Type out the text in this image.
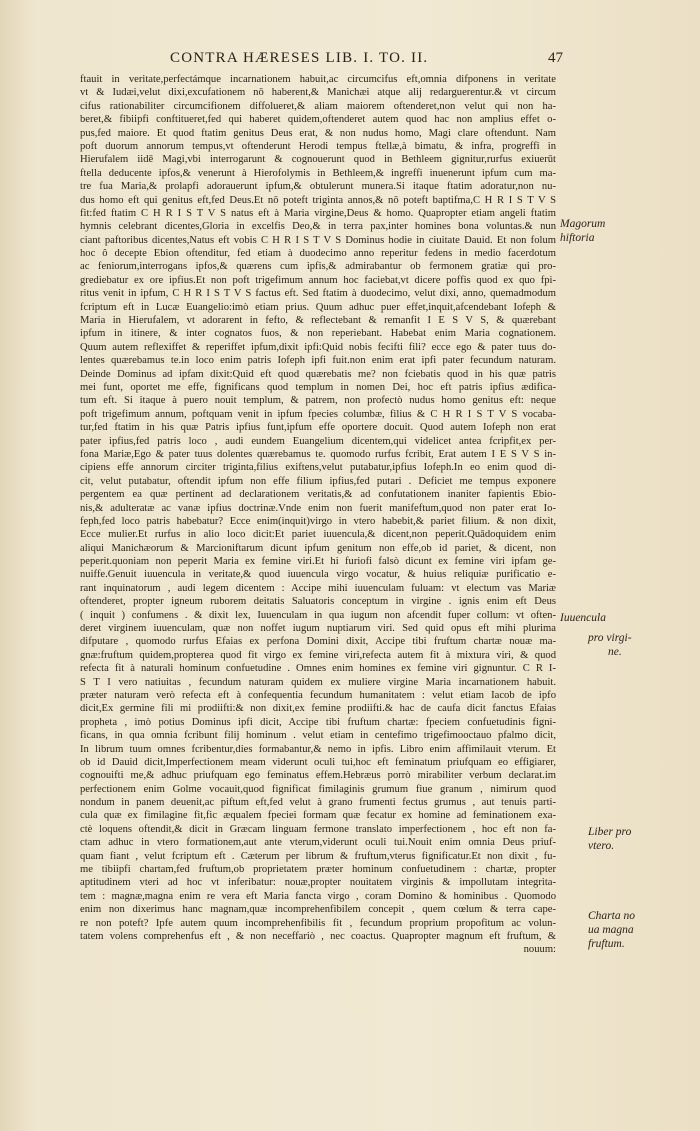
CONTRA HÆRESES LIB. I. TO. II.	47
ftauit in veritate,perfectámque incarnationem habuit,ac circumcifus eft,omnia difponens in veritate
vt & Iudæi,velut dixi,excufationem nō haberent,& Manichæi atque alij redarguerentur.& vt circum
cifus rationabiliter circumcifionem diffolueret,& aliam maiorem oftenderet,non velut qui non ha-
beret,& fibiipfi conftitueret,fed qui haberet quidem,oftenderet autem quod hac non amplius effet o-
pus,fed maiore. Et quod ftatim genitus Deus erat, & non nudus homo, Magi clare oftendunt. Nam
poft duorum annorum tempus,vt oftenderunt Herodi tempus ftellæ,à bimatu, & infra, progreffi in
Hierufalem iidē Magi,vbi interrogarunt & cognouerunt quod in Bethleem gignitur,rurfus exiuerūt
ftella deducente ipfos,& venerunt à Hierofolymis in Bethleem,& ingreffi inuenerunt ipfum cum ma-
tre fua Maria,& prolapfi adorauerunt ipfum,& obtulerunt munera.Si itaque ftatim adoratur,non nu-
dus homo eft qui genitus eft,fed Deus.Et nō poteft triginta annos,& nō poteft baptifma,C H R I S T V S
fit:fed ftatim C H R I S T V S natus eft à Maria virgine,Deus & homo. Quapropter etiam angeli ftatim
hymnis celebrant dicentes,Gloria in excelfis Deo,& in terra pax,inter homines bona voluntas.& nun
ciant paftoribus dicentes,Natus eft vobis C H R I S T V S Dominus hodie in ciuitate Dauid. Et non folum
hoc ô decepte Ebion oftenditur, fed etiam à duodecimo anno reperitur fedens in medio facerdotum
ac feniorum,interrogans ipfos,& quærens cum ipfis,& admirabantur ob fermonem gratiæ qui pro-
grediebatur ex ore ipfius.Et non poft trigefimum annum hoc faciebat,vt dicere poffis quod ex quo fpi-
ritus venit in ipfum, C H R I S T V S factus eft. Sed ftatim à duodecimo, velut dixi, anno, quemadmodum
fcriptum eft in Lucæ Euangelio:imò etiam prius. Quum adhuc puer effet,inquit,afcendebant Iofeph &
Maria in Hierufalem, vt adorarent in fefto, & reflectebant & remanfit I E S V S, & quærebant
ipfum in itinere, & inter cognatos fuos, & non reperiebant. Habebat enim Maria cognationem.
Quum autem reflexiffet & reperiffet ipfum,dixit ipfi:Quid nobis fecifti fili? ecce ego & pater tuus do-
lentes quærebamus te.in loco enim patris Iofeph ipfi fuit.non enim erat ipfi pater fecundum naturam.
Deinde Dominus ad ipfam dixit:Quid eft quod quærebatis me? non fciebatis quod in his quæ patris
mei funt, oportet me effe, fignificans quod templum in nomen Dei, hoc eft patris ipfius ædifica-
tum eft. Si itaque à puero nouit templum, & patrem, non profectò nudus homo genitus eft: neque
poft trigefimum annum, poftquam venit in ipfum fpecies columbæ, filius & C H R I S T V S vocaba-
tur,fed ftatim in his quæ Patris ipfius funt,ipfum effe oportere docuit. Quod autem Iofeph non erat
pater ipfius,fed patris loco , audi eundem Euangelium dicentem,qui videlicet antea fcripfit,ex per-
fona Mariæ,Ego & pater tuus dolentes quærebamus te. quomodo rurfus fcribit, Erat autem I E S V S in-
cipiens effe annorum circiter triginta,filius exiftens,velut putabatur,ipfius Iofeph.In eo enim quod di-
cit, velut putabatur, oftendit ipfum non effe filium ipfius,fed putari . Deficiet me tempus exponere
pergentem ea quæ pertinent ad declarationem veritatis,& ad confutationem inaniter fapientis Ebio-
nis,& adulteratæ ac vanæ ipfius doctrinæ.Vnde enim non fuerit manifeftum,quod non pater erat Io-
feph,fed loco patris habebatur? Ecce enim(inquit)virgo in vtero habebit,& pariet filium. & non dixit,
Ecce mulier.Et rurfus in alio loco dicit:Et pariet iuuencula,& dicent,non peperit.Quādoquidem enim
aliqui Manichæorum & Marcioniftarum dicunt ipfum genitum non effe,ob id pariet, & dicent, non
peperit.quoniam non peperit Maria ex femine viri.Et hi furiofi falsò dicunt ex femine viri ipfam ge-
nuiffe.Genuit iuuencula in veritate,& quod iuuencula virgo vocatur, & huius reliquiæ purificatio e-
rant inquinatorum , audi legem dicentem : Accipe mihi iuuenculam fuluam: vt electum vas Mariæ
oftenderet, propter igneum ruborem deitatis Saluatoris conceptum in virgine . ignis enim eft Deus
( inquit ) confumens . & dixit lex, Iuuenculam in qua iugum non afcendit fuper collum: vt often-
deret virginem iuuenculam, quæ non noffet iugum nuptiarum viri. Sed quid opus eft mihi plurima
difputare , quomodo rurfus Efaias ex perfona Domini dixit, Accipe tibi fruftum chartæ nouæ ma-
gnæ:fruftum quidem,propterea quod fit virgo ex femine viri,refecta autem fit à mixtura viri, & quod
refecta fit à naturali hominum confuetudine . Omnes enim homines ex femine viri gignuntur. C R I-
S T I vero natiuitas , fecundum naturam quidem ex muliere virgine Maria incarnationem habuit.
præter naturam verò refecta eft à confequentia fecundum humanitatem : velut etiam Iacob de ipfo
dicit,Ex germine fili mi prodiifti:& non dixit,ex femine prodiifti.& hac de caufa dicit fanctus Efaias
propheta , imò potius Dominus ipfi dicit, Accipe tibi fruftum chartæ: fpeciem confuetudinis figni-
ficans, in qua omnia fcribunt filij hominum . velut etiam in centefimo trigefimooctauo pfalmo dicit,
In librum tuum omnes fcribentur,dies formabantur,& nemo in ipfis. Libro enim affimilauit vterum. Et
ob id Dauid dicit,Imperfectionem meam viderunt oculi tui,hoc eft feminatum priufquam eo effigiarer,
cognouifti me,& adhuc priufquam ego feminatus effem.Hebræus porrò mirabiliter verbum declarat.im
perfectionem enim Golme vocauit,quod fignificat fimilaginis grumum fiue granum , nimirum quod
nondum in panem deuenit,ac piftum eft,fed velut à grano frumenti fectus grumus , aut tenuis parti-
cula quæ ex fimilagine fit,fic æqualem fpeciei formam quæ fecatur ex homine ad feminationem exa-
ctè loquens oftendit,& dicit in Græcam linguam fermone translato imperfectionem , hoc eft non fa-
ctam adhuc in vtero formationem,aut ante vterum,viderunt oculi tui.Nouit enim omnia Deus priuf-
quam fiant , velut fcriptum eft . Cæterum per librum & fruftum,vterus fignificatur.Et non dixit , fu-
me tibiipfi chartam,fed fruftum,ob proprietatem præter hominum confuetudinem : chartæ, propter
aptitudinem vteri ad hoc vt inferibatur: nouæ,propter nouitatem virginis & impollutam integrita-
tem : magnæ,magna enim re vera eft Maria fancta virgo , coram Domino & hominibus . Quomodo
enim non dixerimus hanc magnam,quæ incomprehenfibilem concepit , quem cœlum & terra cape-
re non poteft? Ipfe autem quum incomprehenfibilis fit , fecundum proprium propofitum ac volun-
tatem volens comprehenfus eft , & non neceffariò , nec coactus. Quapropter magnum eft fruftum, &
nouum:
Magorum
hiftoria
Iuuencula
pro virgi-
ne.
Liber pro
vtero.
Charta no
ua magna
fruftum.
